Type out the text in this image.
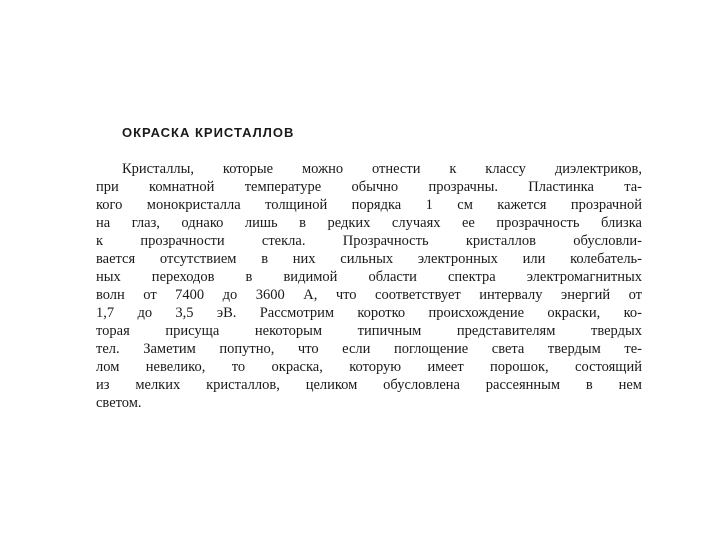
ОКРАСКА КРИСТАЛЛОВ

Кристаллы, которые можно отнести к классу диэлектриков,

при комнатной температуре обычно прозрачны. Пластинка та-

кого монокристалла толщиной порядка 1 см кажется прозрачной

на глаз, однако лишь в редких случаях ее прозрачность близка

к прозрачности стекла. Прозрачность кристаллов обусловли-

вается отсутствием в них сильных электронных или колебатель-

ных переходов в видимой области спектра электромагнитных

волн от 7400 до 3600 А, что соответствует интервалу энергий от

1,7 до 3,5 эВ. Рассмотрим коротко происхождение окраски, ко-

торая присуща некоторым типичным представителям твердых

тел. Заметим попутно, что если поглощение света твердым те-

лом невелико, то окраска, которую имеет порошок, состоящий

из мелких кристаллов, целиком обусловлена рассеянным в нем

светом.
